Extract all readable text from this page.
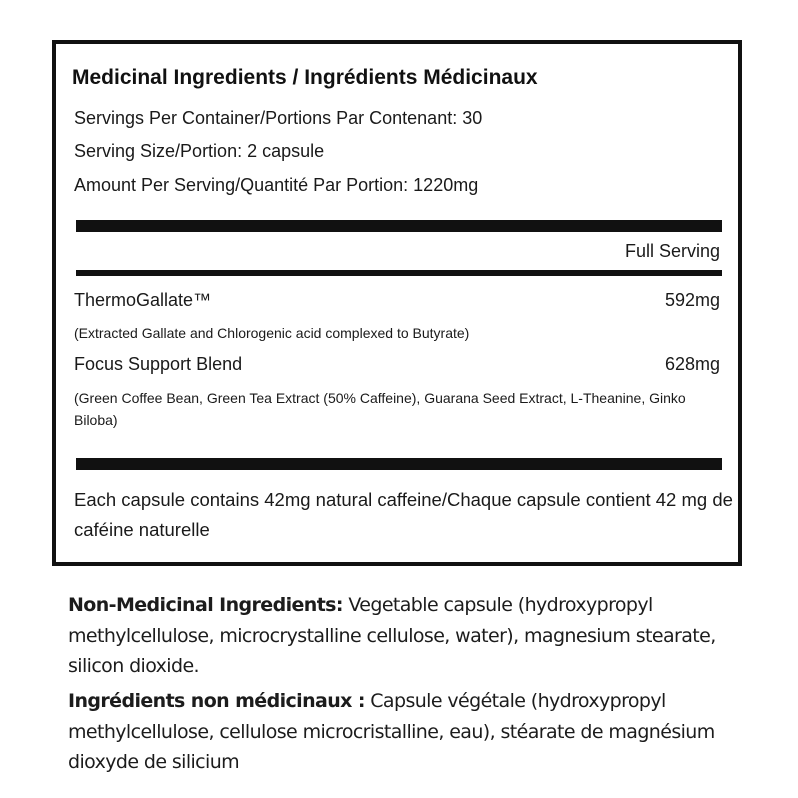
Medicinal Ingredients / Ingrédients Médicinaux
Servings Per Container/Portions Par Contenant: 30
Serving Size/Portion: 2 capsule
Amount Per Serving/Quantité Par Portion: 1220mg
Full Serving
ThermoGallate™	592mg
(Extracted Gallate and Chlorogenic acid complexed to Butyrate)
Focus Support Blend	628mg
(Green Coffee Bean, Green Tea Extract (50% Caffeine), Guarana Seed Extract, L-Theanine, Ginko Biloba)
Each capsule contains 42mg natural caffeine/Chaque capsule contient 42 mg de caféine naturelle
Non-Medicinal Ingredients: Vegetable capsule (hydroxypropyl methylcellulose, microcrystalline cellulose, water), magnesium stearate, silicon dioxide.
Ingrédients non médicinaux : Capsule végétale (hydroxypropyl methylcellulose, cellulose microcristalline, eau), stéarate de magnésium dioxyde de silicium
